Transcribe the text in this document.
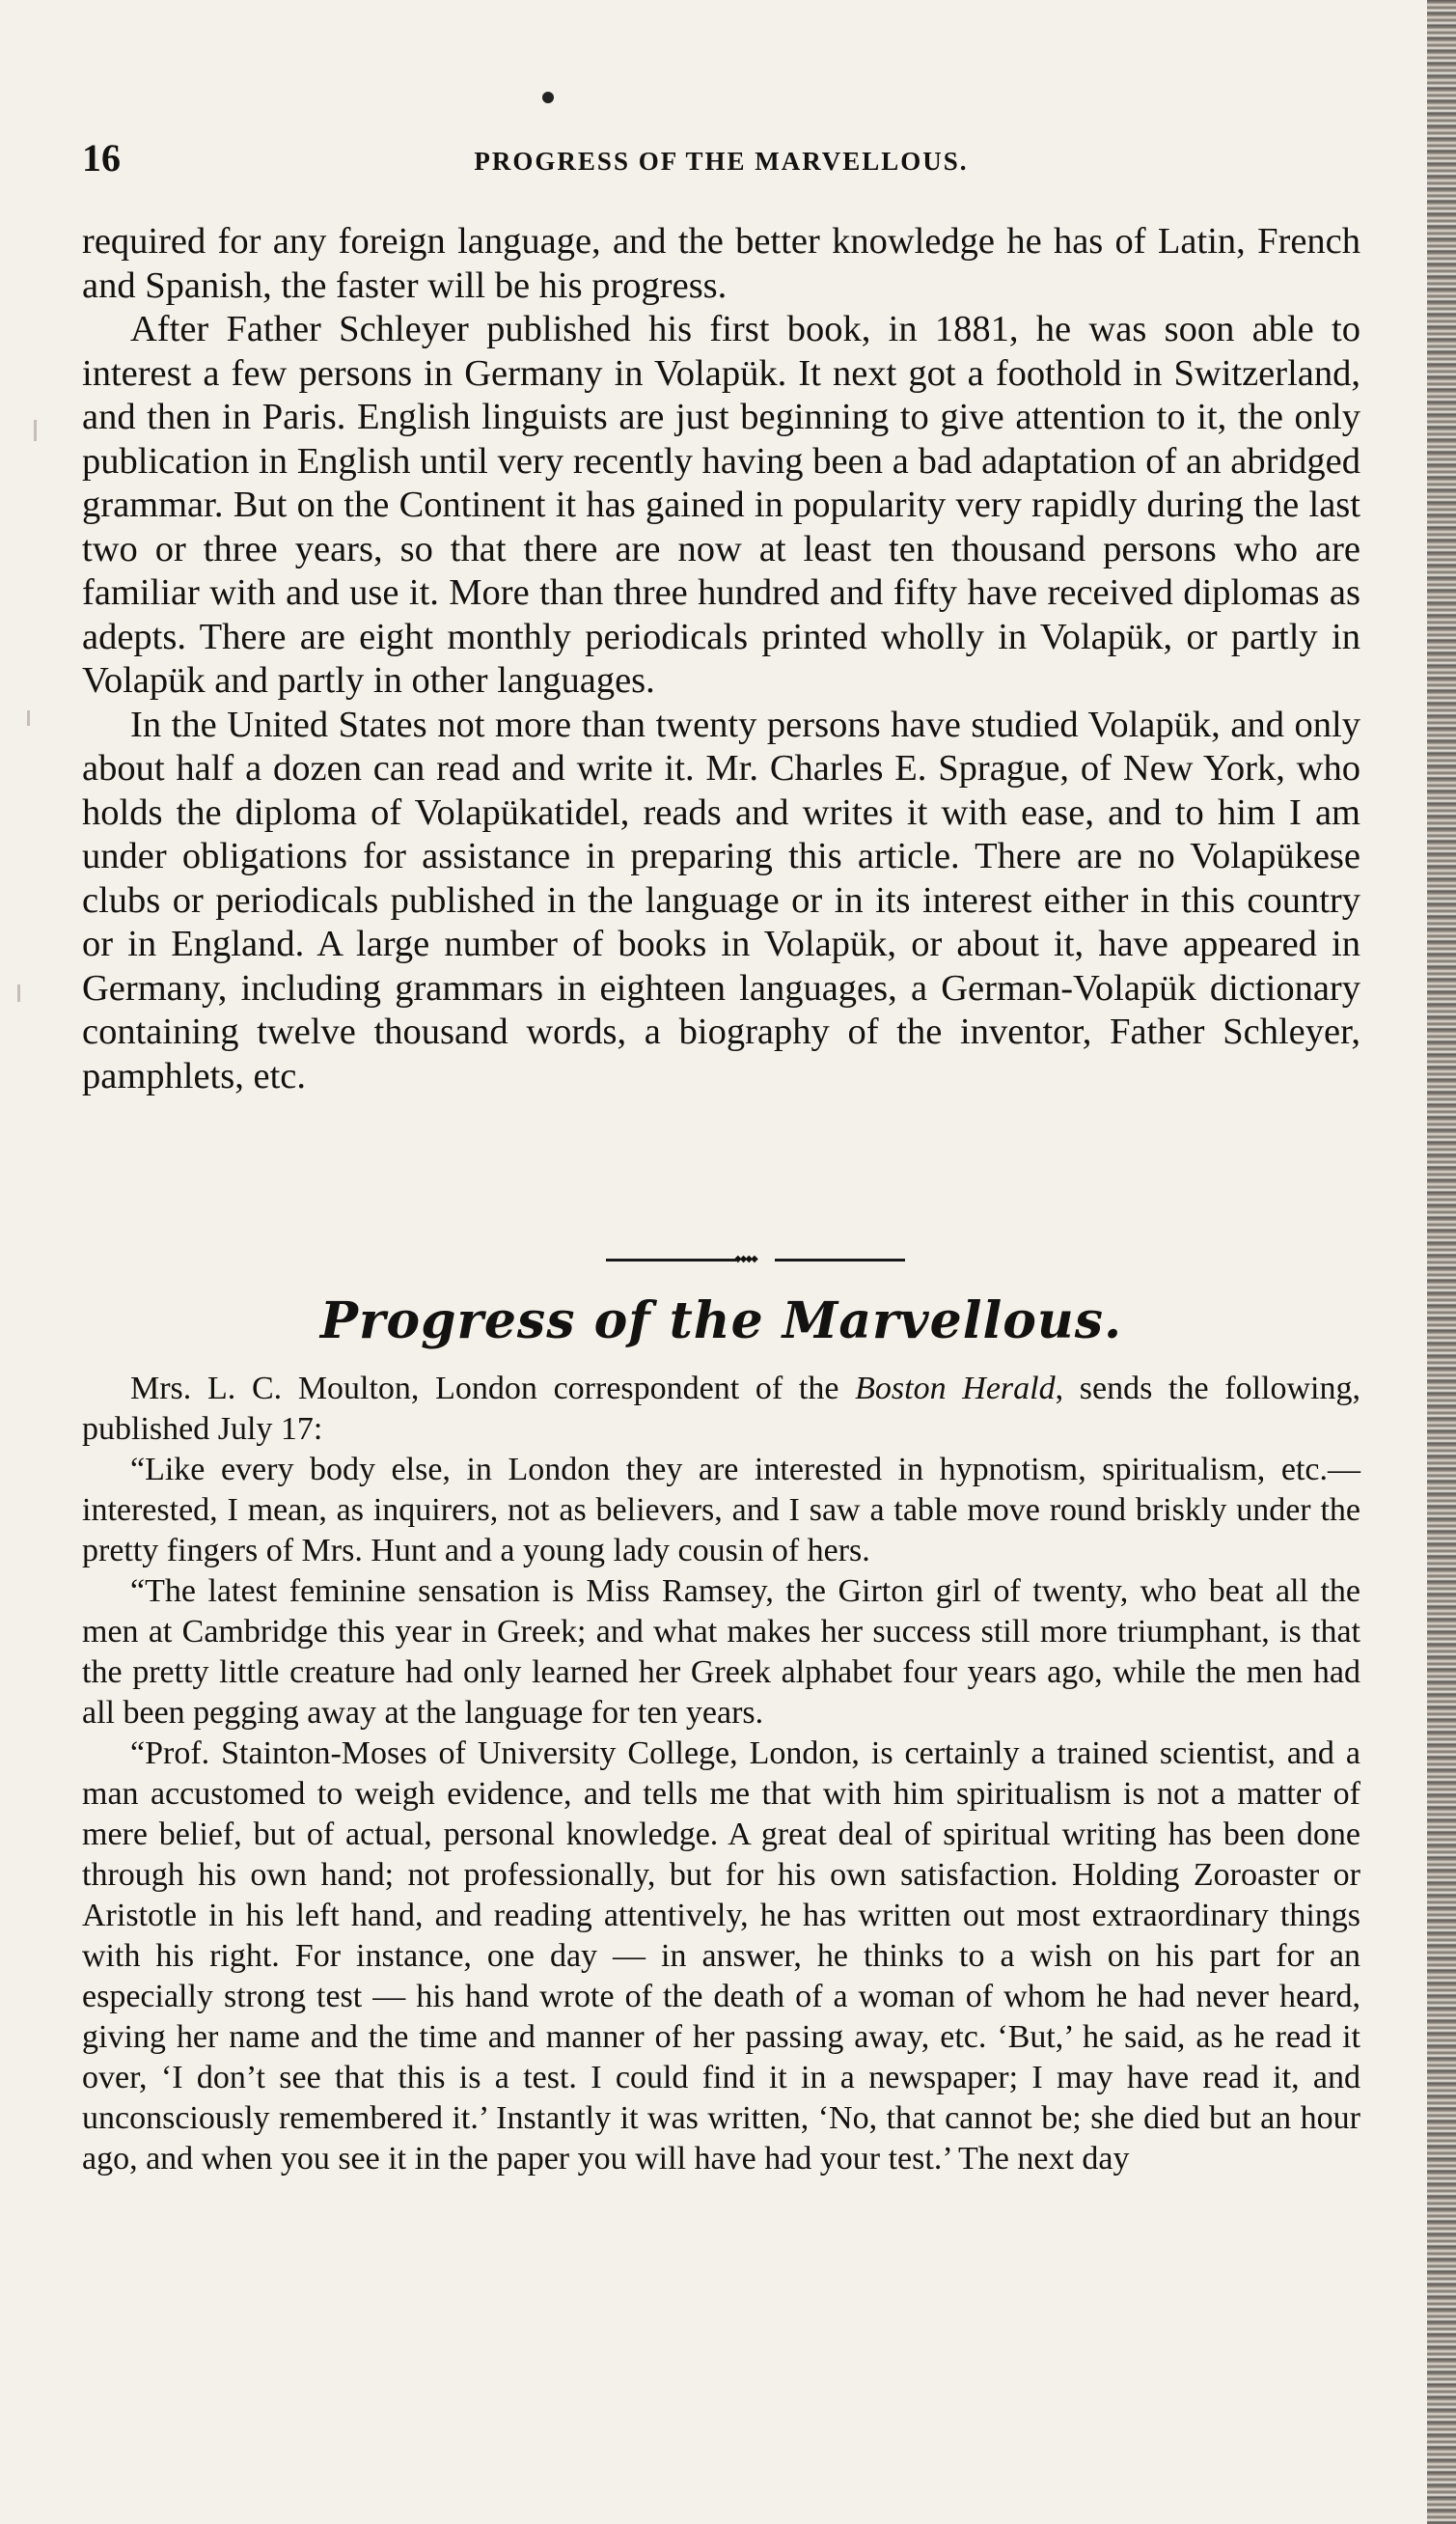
16	PROGRESS OF THE MARVELLOUS.

required for any foreign language, and the better knowledge he has of Latin, French and Spanish, the faster will be his progress.

After Father Schleyer published his first book, in 1881, he was soon able to interest a few persons in Germany in Volapük. It next got a foothold in Switzerland, and then in Paris. English linguists are just beginning to give attention to it, the only publication in English until very recently having been a bad adaptation of an abridged grammar. But on the Continent it has gained in popularity very rapidly during the last two or three years, so that there are now at least ten thousand persons who are familiar with and use it. More than three hundred and fifty have received diplomas as adepts. There are eight monthly periodicals printed wholly in Volapük, or partly in Volapük and partly in other languages.

In the United States not more than twenty persons have studied Volapük, and only about half a dozen can read and write it. Mr. Charles E. Sprague, of New York, who holds the diploma of Volapükatidel, reads and writes it with ease, and to him I am under obligations for assistance in preparing this article. There are no Volapükese clubs or periodicals published in the language or in its interest either in this country or in England. A large number of books in Volapük, or about it, have appeared in Germany, including grammars in eighteen languages, a German-Volapük dictionary containing twelve thousand words, a biography of the inventor, Father Schleyer, pamphlets, etc.

◆◆◆◆
Progress of the Marvellous.

Mrs. L. C. Moulton, London correspondent of the Boston Herald, sends the following, published July 17:

“Like every body else, in London they are interested in hypnotism, spiritualism, etc.— interested, I mean, as inquirers, not as believers, and I saw a table move round briskly under the pretty fingers of Mrs. Hunt and a young lady cousin of hers.

“The latest feminine sensation is Miss Ramsey, the Girton girl of twenty, who beat all the men at Cambridge this year in Greek; and what makes her success still more triumphant, is that the pretty little creature had only learned her Greek alphabet four years ago, while the men had all been pegging away at the language for ten years.

“Prof. Stainton-Moses of University College, London, is certainly a trained scientist, and a man accustomed to weigh evidence, and tells me that with him spiritualism is not a matter of mere belief, but of actual, personal knowledge. A great deal of spiritual writing has been done through his own hand; not professionally, but for his own satisfaction. Holding Zoroaster or Aristotle in his left hand, and reading attentively, he has written out most extraordinary things with his right. For instance, one day — in answer, he thinks to a wish on his part for an especially strong test — his hand wrote of the death of a woman of whom he had never heard, giving her name and the time and manner of her passing away, etc. ‘But,’ he said, as he read it over, ‘I don’t see that this is a test. I could find it in a newspaper; I may have read it, and unconsciously remembered it.’ Instantly it was written, ‘No, that cannot be; she died but an hour ago, and when you see it in the paper you will have had your test.’ The next day
